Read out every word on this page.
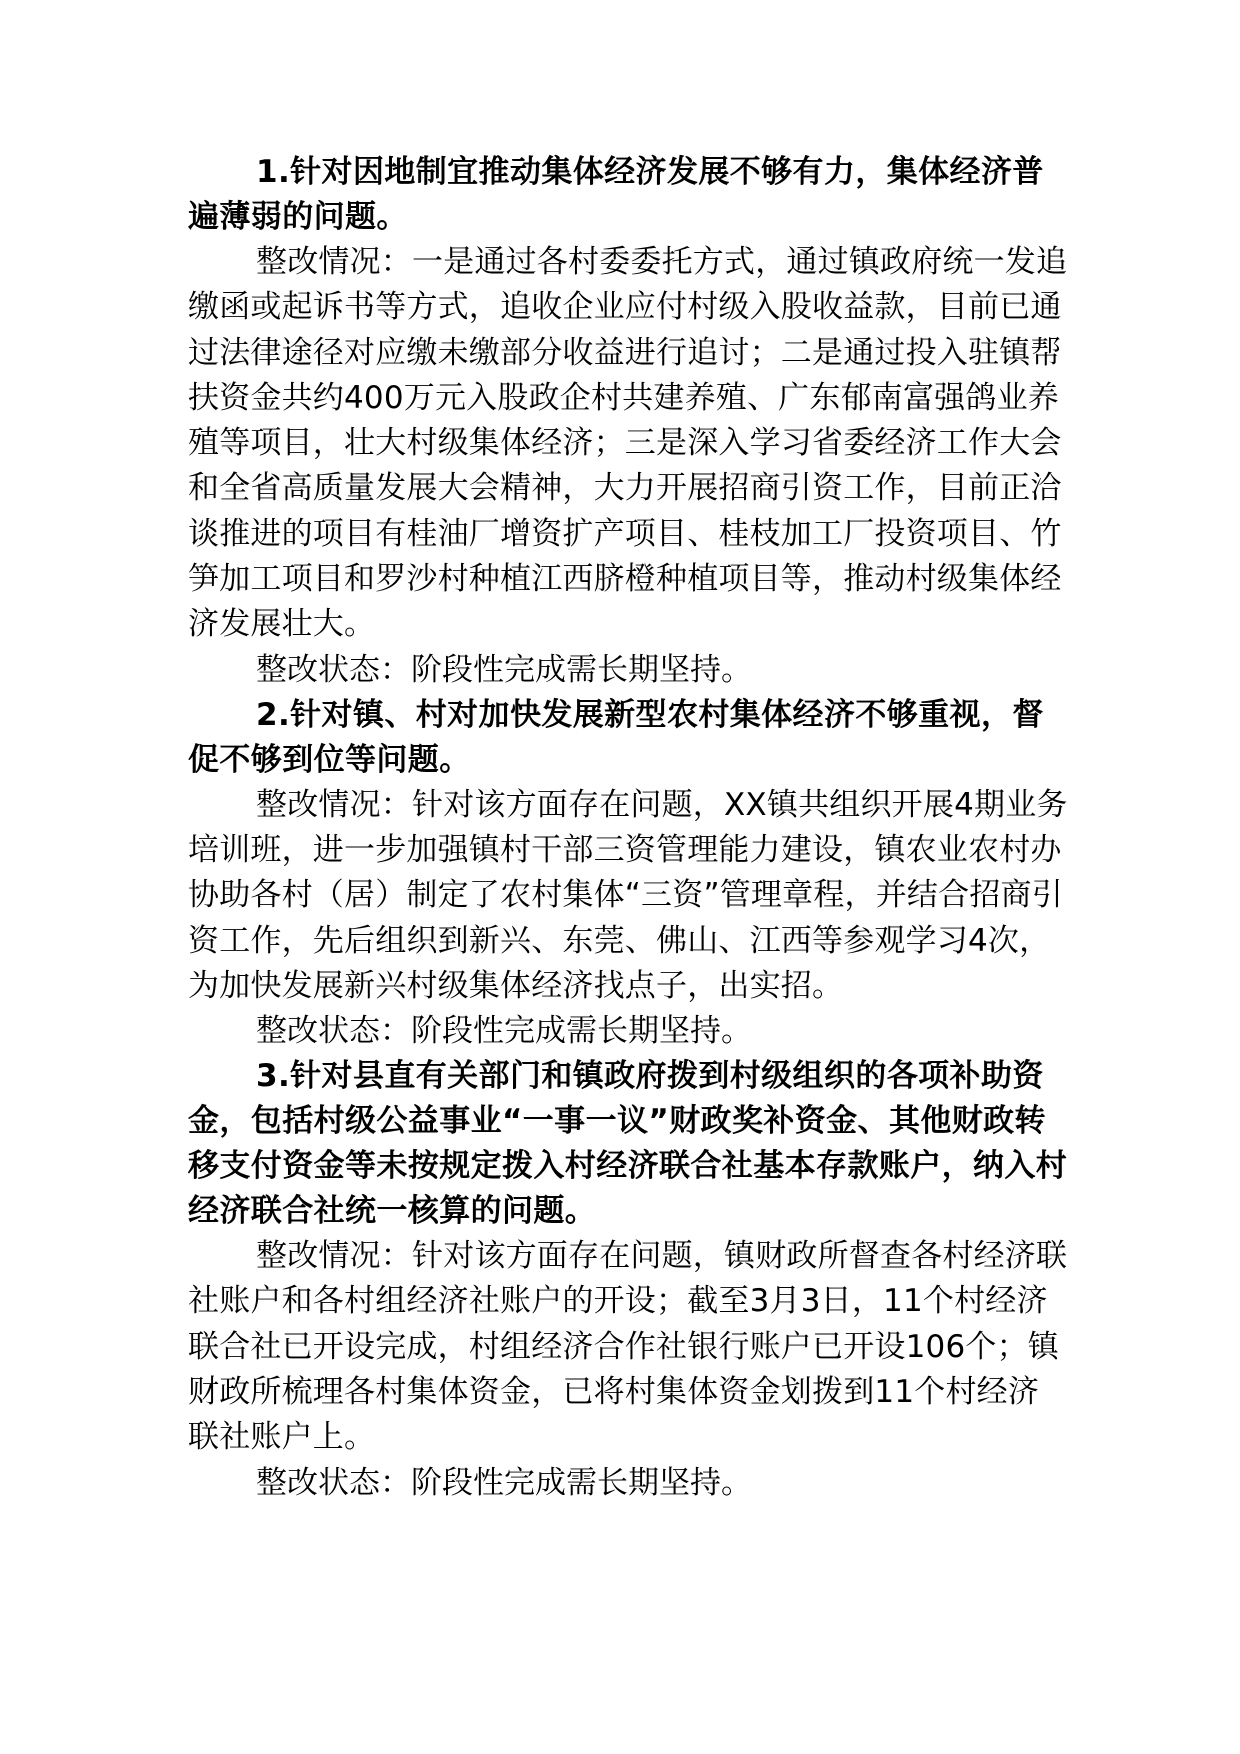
1.针对因地制宜推动集体经济发展不够有力，集体经济普遍薄弱的问题。

整改情况：一是通过各村委委托方式，通过镇政府统一发追缴函或起诉书等方式，追收企业应付村级入股收益款，目前已通过法律途径对应缴未缴部分收益进行追讨；二是通过投入驻镇帮扶资金共约400万元入股政企村共建养殖、广东郁南富强鸽业养殖等项目，壮大村级集体经济；三是深入学习省委经济工作大会和全省高质量发展大会精神，大力开展招商引资工作，目前正洽谈推进的项目有桂油厂增资扩产项目、桂枝加工厂投资项目、竹笋加工项目和罗沙村种植江西脐橙种植项目等，推动村级集体经济发展壮大。

整改状态：阶段性完成需长期坚持。

2.针对镇、村对加快发展新型农村集体经济不够重视，督促不够到位等问题。

整改情况：针对该方面存在问题，XX镇共组织开展4期业务培训班，进一步加强镇村干部三资管理能力建设，镇农业农村办协助各村（居）制定了农村集体“三资”管理章程，并结合招商引资工作，先后组织到新兴、东莞、佛山、江西等参观学习4次，为加快发展新兴村级集体经济找点子，出实招。

整改状态：阶段性完成需长期坚持。

3.针对县直有关部门和镇政府拨到村级组织的各项补助资金，包括村级公益事业“一事一议”财政奖补资金、其他财政转移支付资金等未按规定拨入村经济联合社基本存款账户，纳入村经济联合社统一核算的问题。

整改情况：针对该方面存在问题，镇财政所督查各村经济联社账户和各村组经济社账户的开设；截至3月3日，11个村经济联合社已开设完成，村组经济合作社银行账户已开设106个；镇财政所梳理各村集体资金，已将村集体资金划拨到11个村经济联社账户上。

整改状态：阶段性完成需长期坚持。
